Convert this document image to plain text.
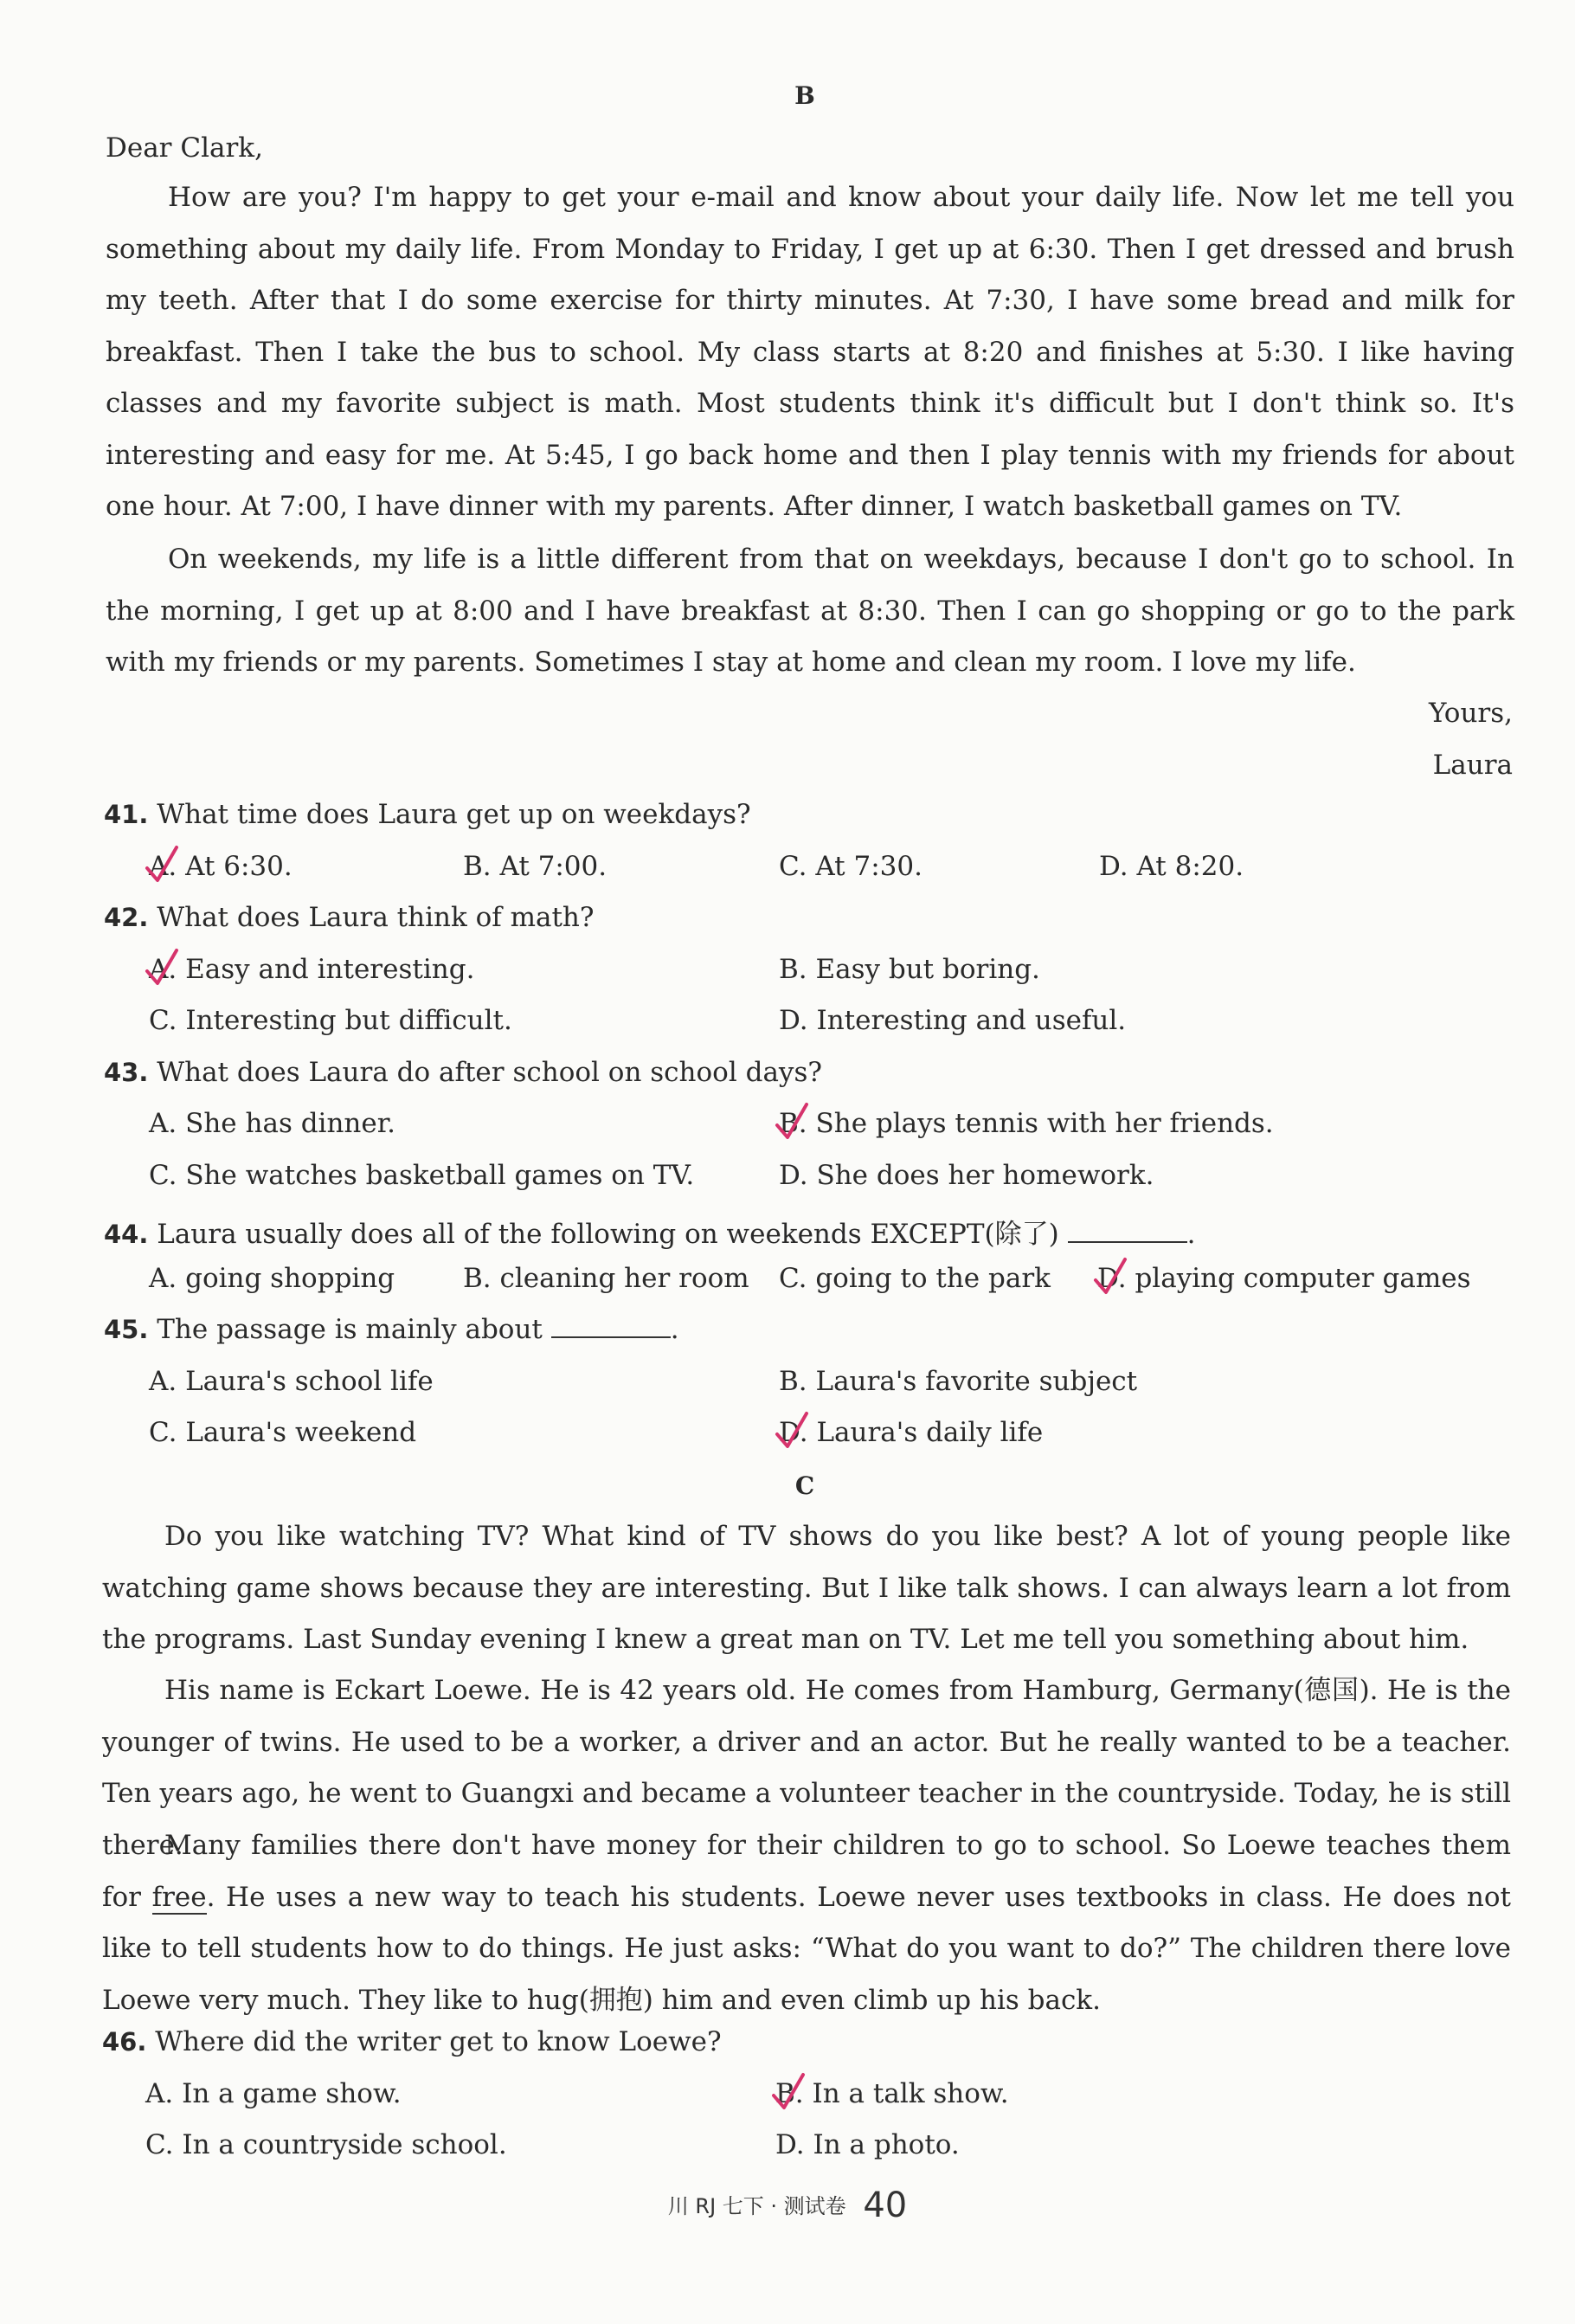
B
Dear Clark,

How are you? I'm happy to get your e-mail and know about your daily life. Now let me tell you something about my daily life. From Monday to Friday, I get up at 6:30. Then I get dressed and brush my teeth. After that I do some exercise for thirty minutes. At 7:30, I have some bread and milk for breakfast. Then I take the bus to school. My class starts at 8:20 and finishes at 5:30. I like having classes and my favorite subject is math. Most students think it's difficult but I don't think so. It's interesting and easy for me. At 5:45, I go back home and then I play tennis with my friends for about one hour. At 7:00, I have dinner with my parents. After dinner, I watch basketball games on TV.

On weekends, my life is a little different from that on weekdays, because I don't go to school. In the morning, I get up at 8:00 and I have breakfast at 8:30. Then I can go shopping or go to the park with my friends or my parents. Sometimes I stay at home and clean my room. I love my life.

Yours,
Laura
41. What time does Laura get up on weekdays?
A. At 6:30.	B. At 7:00.	C. At 7:30.	D. At 8:20.
42. What does Laura think of math?
A. Easy and interesting.	B. Easy but boring.
C. Interesting but difficult.	D. Interesting and useful.
43. What does Laura do after school on school days?
A. She has dinner.	B. She plays tennis with her friends.
C. She watches basketball games on TV.	D. She does her homework.
44. Laura usually does all of the following on weekends EXCEPT(除了)	.
A. going shopping	B. cleaning her room C. going to the park D. playing computer games
45. The passage is mainly about	.
A. Laura's school life	B. Laura's favorite subject
C. Laura's weekend	D. Laura's daily life
C

Do you like watching TV? What kind of TV shows do you like best? A lot of young people like watching game shows because they are interesting. But I like talk shows. I can always learn a lot from the programs. Last Sunday evening I knew a great man on TV. Let me tell you something about him.

His name is Eckart Loewe. He is 42 years old. He comes from Hamburg, Germany(德国). He is the younger of twins. He used to be a worker, a driver and an actor. But he really wanted to be a teacher. Ten years ago, he went to Guangxi and became a volunteer teacher in the countryside. Today, he is still there.

Many families there don't have money for their children to go to school. So Loewe teaches them for free. He uses a new way to teach his students. Loewe never uses textbooks in class. He does not like to tell students how to do things. He just asks: “What do you want to do?” The children there love Loewe very much. They like to hug(拥抱) him and even climb up his back.

46. Where did the writer get to know Loewe?
A. In a game show.	B. In a talk show.
C. In a countryside school.	D. In a photo.
川 RJ 七下 · 测试卷 40
